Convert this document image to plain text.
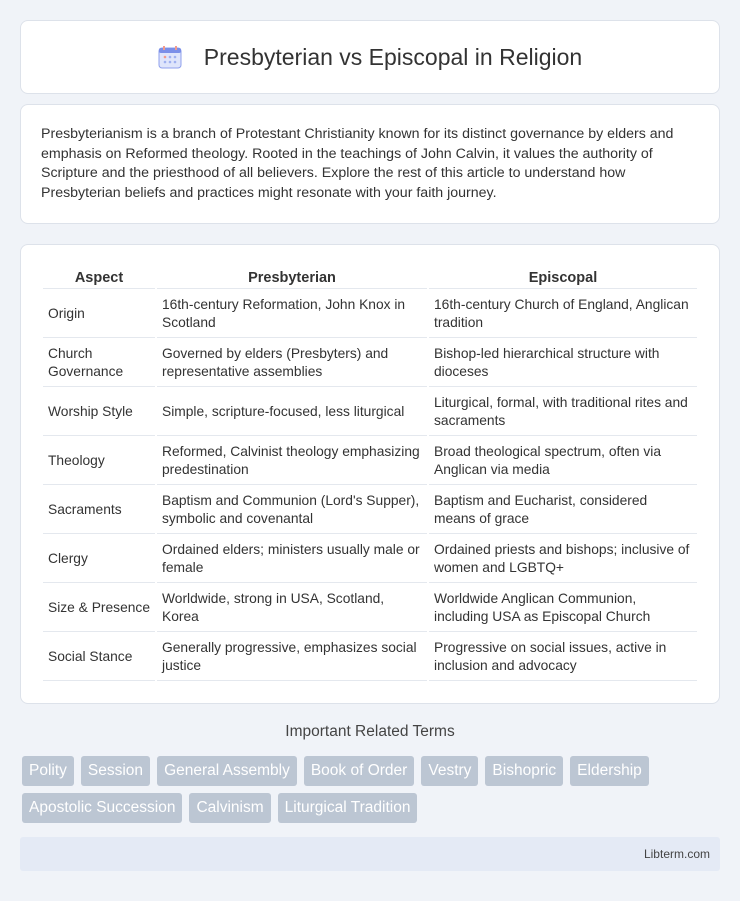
Presbyterian vs Episcopal in Religion

Presbyterianism is a branch of Protestant Christianity known for its distinct governance by elders and emphasis on Reformed theology. Rooted in the teachings of John Calvin, it values the authority of Scripture and the priesthood of all believers. Explore the rest of this article to understand how Presbyterian beliefs and practices might resonate with your faith journey.

Aspect	Presbyterian	Episcopal
Origin	16th-century Reformation, John Knox in Scotland	16th-century Church of England, Anglican tradition
Church Governance	Governed by elders (Presbyters) and representative assemblies	Bishop-led hierarchical structure with dioceses
Worship Style	Simple, scripture-focused, less liturgical	Liturgical, formal, with traditional rites and sacraments
Theology	Reformed, Calvinist theology emphasizing predestination	Broad theological spectrum, often via Anglican via media
Sacraments	Baptism and Communion (Lord's Supper), symbolic and covenantal	Baptism and Eucharist, considered means of grace
Clergy	Ordained elders; ministers usually male or female	Ordained priests and bishops; inclusive of women and LGBTQ+
Size & Presence	Worldwide, strong in USA, Scotland, Korea	Worldwide Anglican Communion, including USA as Episcopal Church
Social Stance	Generally progressive, emphasizes social justice	Progressive on social issues, active in inclusion and advocacy
Important Related Terms
Polity	Session	General Assembly	Book of Order	Vestry	Bishopric	Eldership
Apostolic Succession	Calvinism	Liturgical Tradition
Libterm.com
